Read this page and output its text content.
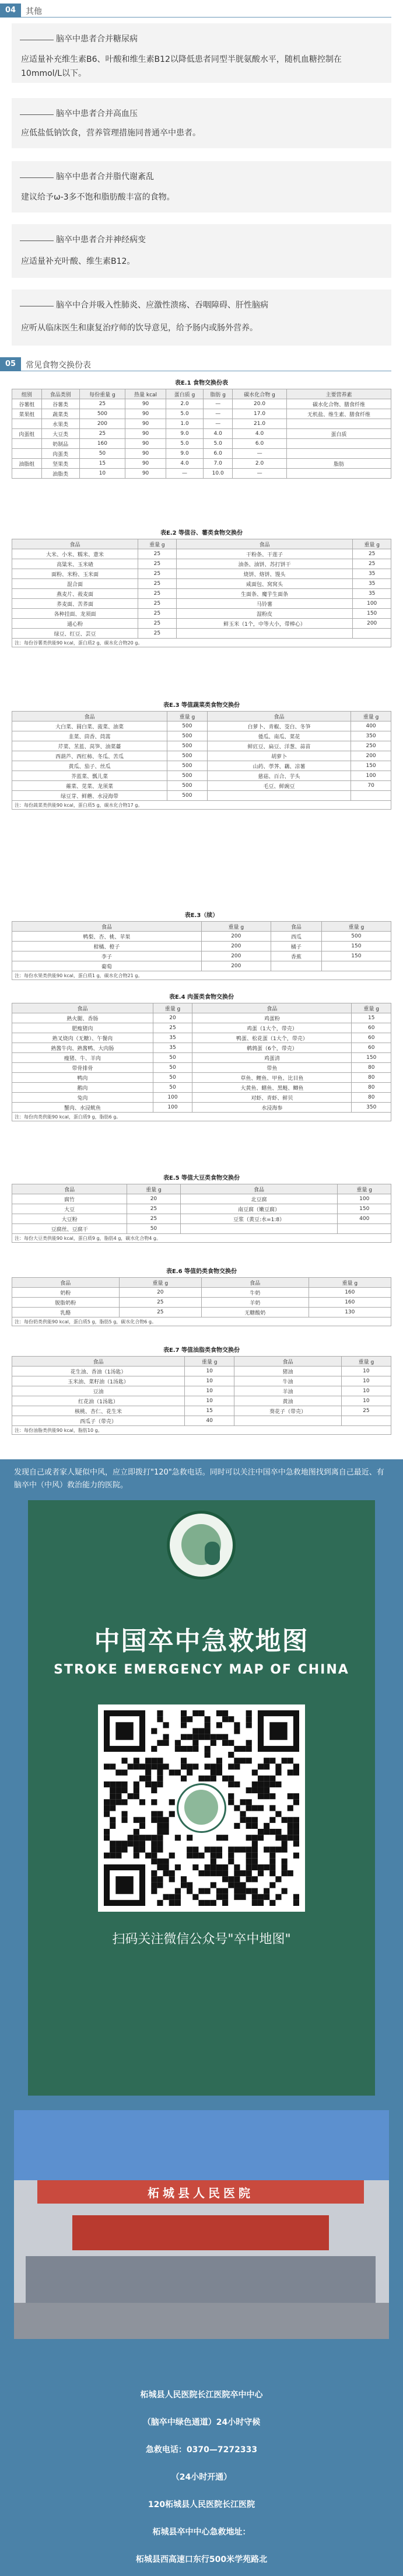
04	其他
脑卒中患者合并糖尿病
应适量补充维生素B6、叶酸和维生素B12以降低患者同型半胱氨酸水平，随机血糖控制在10mmol/L以下。
脑卒中患者合并高血压
应低盐低钠饮食，营养管理措施同普通卒中患者。
脑卒中患者合并脂代谢紊乱
建议给予ω-3多不饱和脂肪酸丰富的食物。
脑卒中患者合并神经病变
应适量补充叶酸、维生素B12。
脑卒中合并吸入性肺炎、应激性溃疡、吞咽障碍、肝性脑病
应听从临床医生和康复治疗师的饮导意见，给予肠内或肠外营养。
05	常见食物交换份表
表E.1 食物交换份表
组别	食品类别	每份重量 g	热量 kcal	蛋白质 g	脂肪 g	碳水化合物 g	主要营养素
谷薯组	谷薯类	25	90	2.0	—	20.0	碳水化合物、膳食纤维
菜果组	蔬菜类	500	90	5.0	—	17.0	无机盐、维生素、膳食纤维
	水果类	200	90	1.0	—	21.0	
肉蛋组	大豆类	25	90	9.0	4.0	4.0	蛋白质
	奶制品	160	90	5.0	5.0	6.0	
	肉蛋类	50	90	9.0	6.0	—	
油脂组	坚果类	15	90	4.0	7.0	2.0	脂肪
	油脂类	10	90	—	10.0	—	
表E.2 等值谷、薯类食物交换份
食品	重量 g	食品	重量 g
大米、小米、糯米、薏米	25	干粉条、干莲子	25
高粱米、玉米碴	25	油条、油饼、苏打饼干	25
面粉、米粉、玉米面	25	烧饼、烙饼、馒头	35
混合面	25	咸面包、窝窝头	35
燕麦片、莜麦面	25	生面条、魔芋生面条	35
荞麦面、苦荞面	25	马铃薯	100
各种挂面、龙须面	25	湿粉皮	150
通心粉	25	鲜玉米（1个，中等大小，带棒心）	200
绿豆、红豆、芸豆	25		
注：每份谷薯类供能90 kcal，蛋白质2 g，碳水化合物20 g。
表E.3 等值蔬菜类食物交换份
食品	重量 g	食品	重量 g
大白菜、圆白菜、菠菜、油菜	500	白萝卜、青椒、茭白、冬笋	400
韭菜、茴香、茼蒿	500	倭瓜、南瓜、菜花	350
芹菜、苤蓝、莴笋、油菜薹	500	鲜豇豆、扁豆、洋葱、蒜苗	250
西葫芦、西红柿、冬瓜、苦瓜	500	胡萝卜	200
黄瓜、茄子、丝瓜	500	山药、荸荠、藕、凉薯	150
芥蓝菜、瓢儿菜	500	慈菇、百合、芋头	100
蕹菜、苋菜、龙须菜	500	毛豆、鲜豌豆	70
绿豆芽、鲜蘑、水浸海带	500		
注：每份蔬菜类供能90 kcal，蛋白质5 g，碳水化合物17 g。
表E.3（续）
食品	重量 g	食品	重量 g
鸭梨、杏、桃、苹果	200	西瓜	500
柑橘、橙子	200	橘子	150
李子	200	香蕉	150
葡萄	200		
注：每份水果类供能90 kcal，蛋白质1 g，碳水化合物21 g。
表E.4 肉蛋类食物交换份
食品	重量 g	食品	重量 g
熟火腿、香肠	20	鸡蛋粉	15
肥瘦猪肉	25	鸡蛋（1大个，带壳）	60
熟叉烧肉（无糖）、午餐肉	35	鸭蛋、松花蛋（1大个，带壳）	60
熟酱牛肉、熟酱鸭、大肉肠	35	鹌鹑蛋（6个，带壳）	60
瘦猪、牛、羊肉	50	鸡蛋清	150
带骨排骨	50	带鱼	80
鸭肉	50	草鱼、鲤鱼、甲鱼、比目鱼	80
鹅肉	50	大黄鱼、鳝鱼、黑鲢、鲫鱼	80
兔肉	100	对虾、青虾、鲜贝	80
蟹肉、水浸鱿鱼	100	水浸海参	350
注：每份肉类供能90 kcal，蛋白质9 g，脂肪6 g。
表E.5 等值大豆类食物交换份
食品	重量 g	食品	重量 g
腐竹	20	北豆腐	100
大豆	25	南豆腐（嫩豆腐）	150
大豆粉	25	豆浆（黄豆:水=1:8）	400
豆腐丝、豆腐干	50		
注：每份大豆类供能90 kcal，蛋白质9 g，脂肪4 g，碳水化合物4 g。
表E.6 等值奶类食物交换份
食品	重量 g	食品	重量 g
奶粉	20	牛奶	160
脱脂奶粉	25	羊奶	160
乳酪	25	无糖酸奶	130
注：每份奶类供能90 kcal，蛋白质5 g，脂肪5 g，碳水化合物6 g。
表E.7 等值油脂类食物交换份
食品	重量 g	食品	重量 g
花生油、香油（1汤匙）	10	猪油	10
玉米油、菜籽油（1汤匙）	10	牛油	10
豆油	10	羊油	10
红花油（1汤匙）	10	黄油	10
核桃、杏仁、花生米	15	葵花子（带壳）	25
西瓜子（带壳）	40		
注：每份油脂类供能90 kcal，脂肪10 g。
发现自己或者家人疑似中风，应立即拨打"120"急救电话。同时可以关注中国卒中急救地图找到离自己最近、有脑卒中（中风）救治能力的医院。
中国卒中急救地图
STROKE EMERGENCY MAP OF CHINA
扫码关注微信公众号"卒中地图"
柘城县人民医院
柘城县人民医院长江医院卒中中心
（脑卒中绿色通道）24小时守候
急救电话：0370—7272333
（24小时开通）
120柘城县人民医院长江医院
柘城县卒中中心急救地址：
柘城县西高速口东行500米学苑路北
